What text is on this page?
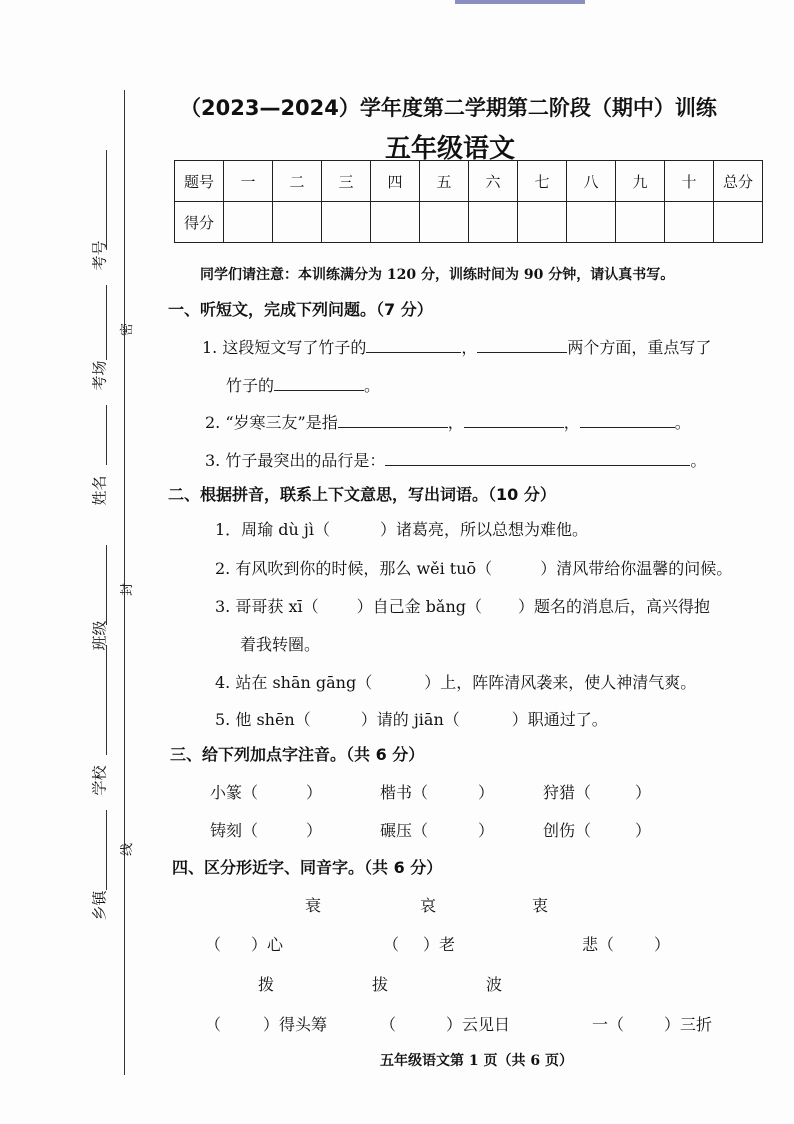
考号
考场
姓名
班级
学校
乡镇
密
封
线
（2023—2024）学年度第二学期第二阶段（期中）训练
五年级语文
题号	一	二	三	四	五	六	七	八	九	十	总分
得分											
同学们请注意：本训练满分为 120 分，训练时间为 90 分钟，请认真书写。
一、听短文，完成下列问题。（7 分）
1. 这段短文写了竹子的	，	两个方面，重点写了
竹子的	。
2. “岁寒三友”是指	，	，	。
3. 竹子最突出的品行是：	。
二、根据拼音，联系上下文意思，写出词语。（10 分）
1．周瑜 dù jì（	）诸葛亮，所以总想为难他。
2. 有风吹到你的时候，那么 wěi tuō（	）清风带给你温馨的问候。
3. 哥哥获 xī（ ）自己金 bǎng（ ）题名的消息后，高兴得抱
着我转圈。
4. 站在 shān gāng（	）上，阵阵清风袭来，使人神清气爽。
5. 他 shēn（	）请的 jiān（	）职通过了。
三、给下列加点字注音。（共 6 分）
小篆（	）	楷书（	）	狩猎（	）
铸刻（	）	碾压（	）	创伤（	）
四、区分形近字、同音字。（共 6 分）
衰	哀	衷
（ ）心	（ ）老	悲（	）
拨	拔	波
（	）得头筹	（	）云见日	一（	）三折
五年级语文第 1 页（共 6 页）
